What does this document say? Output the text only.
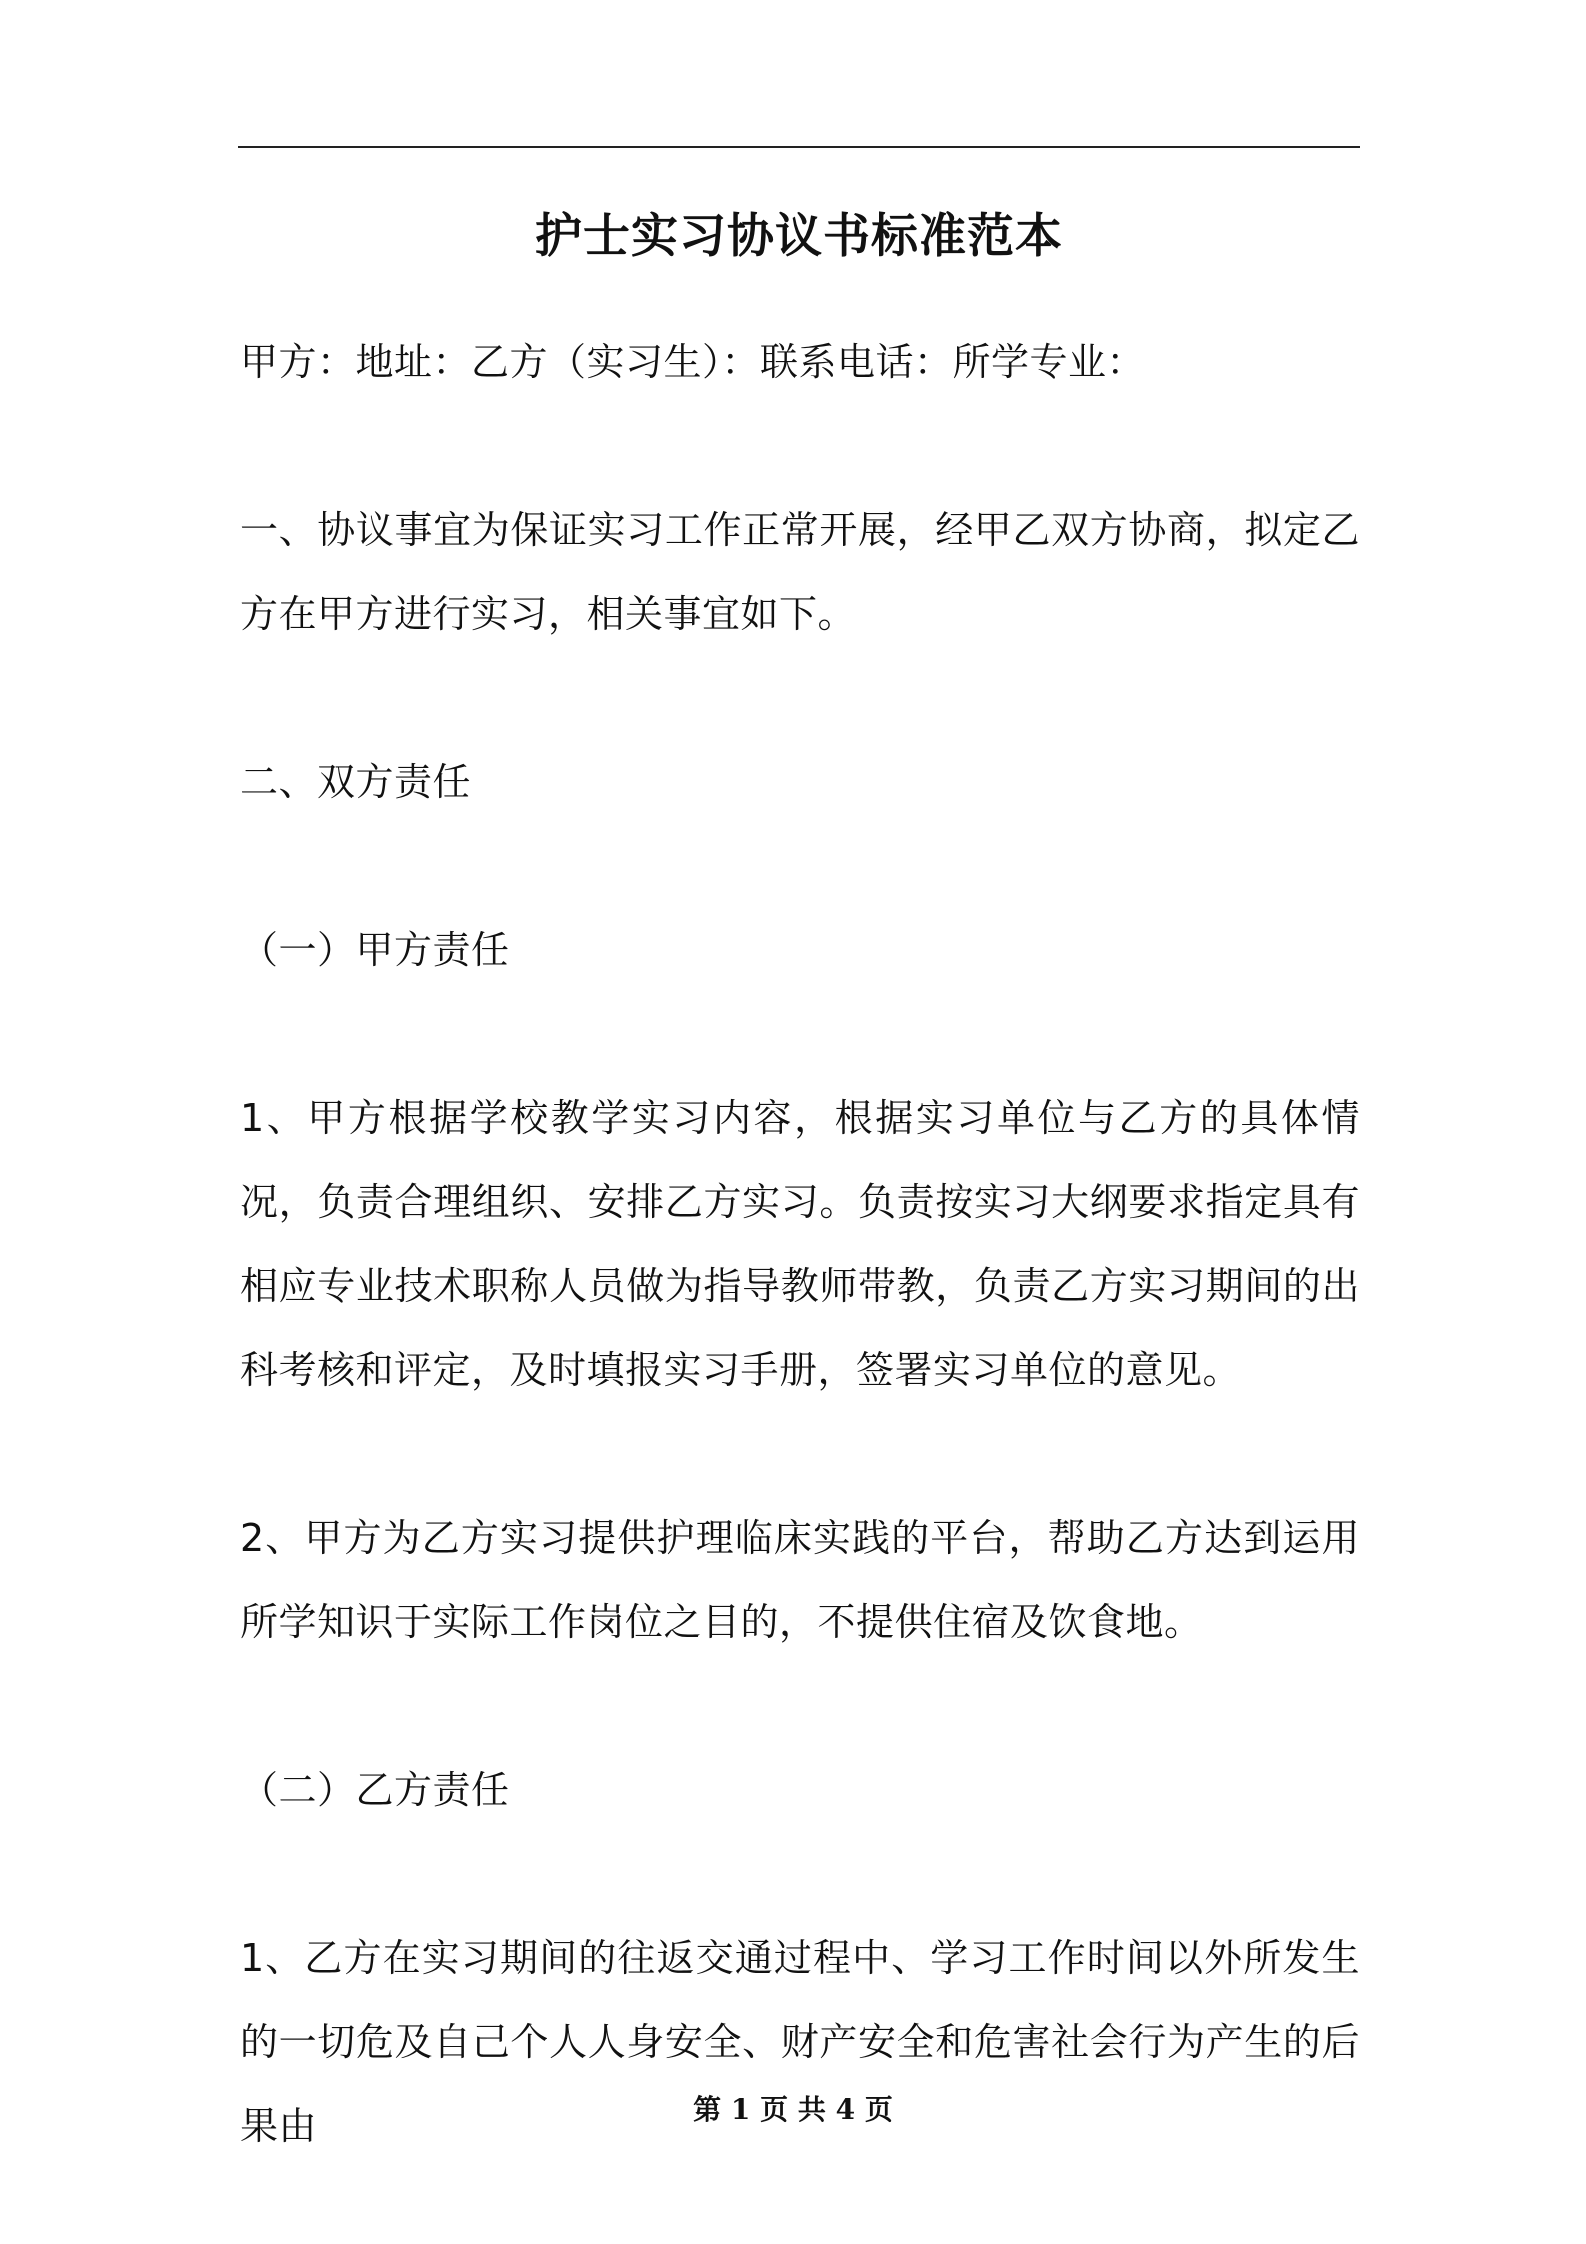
护士实习协议书标准范本

甲方：地址：乙方（实习生）：联系电话：所学专业：

一、协议事宜为保证实习工作正常开展，经甲乙双方协商，拟定乙方在甲方进行实习，相关事宜如下。

二、双方责任

（一）甲方责任

1、甲方根据学校教学实习内容，根据实习单位与乙方的具体情况，负责合理组织、安排乙方实习。负责按实习大纲要求指定具有相应专业技术职称人员做为指导教师带教，负责乙方实习期间的出科考核和评定，及时填报实习手册，签署实习单位的意见。

2、甲方为乙方实习提供护理临床实践的平台，帮助乙方达到运用所学知识于实际工作岗位之目的，不提供住宿及饮食地。

（二）乙方责任

1、乙方在实习期间的往返交通过程中、学习工作时间以外所发生的一切危及自己个人人身安全、财产安全和危害社会行为产生的后果由	第 1 页 共 4 页
